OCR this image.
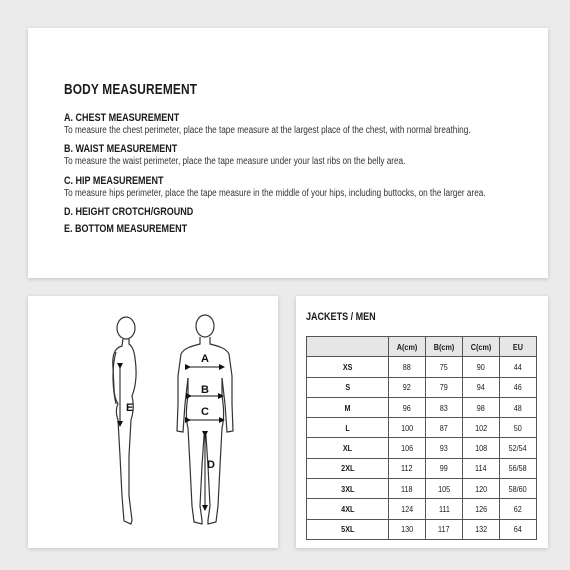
BODY MEASUREMENT
A. CHEST MEASUREMENT
To measure the chest perimeter, place the tape measure at the largest place of the chest, with normal breathing.
B. WAIST MEASUREMENT
To measure the waist perimeter, place the tape measure under your last ribs on the belly area.
C. HIP MEASUREMENT
To measure hips perimeter, place the tape measure in the middle of your hips, including buttocks, on the larger area.
D. HEIGHT CROTCH/GROUND
E. BOTTOM MEASUREMENT
A
B
C
D
E
JACKETS / MEN
	A(cm)	B(cm)	C(cm)	EU
XS	88	75	90	44
S	92	79	94	46
M	96	83	98	48
L	100	87	102	50
XL	106	93	108	52/54
2XL	112	99	114	56/58
3XL	118	105	120	58/60
4XL	124	111	126	62
5XL	130	117	132	64
